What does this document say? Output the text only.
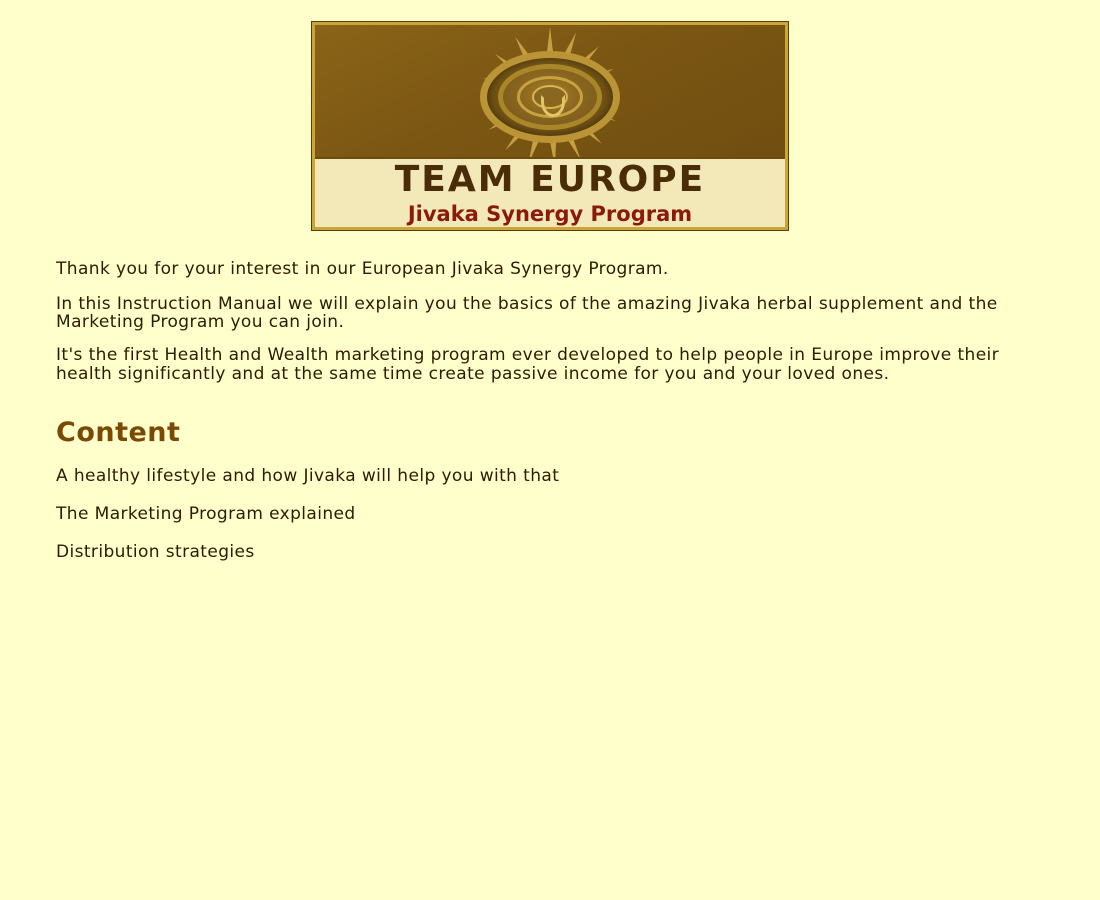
TEAM EUROPE
Jivaka Synergy Program

Thank you for your interest in our European Jivaka Synergy Program.

In this Instruction Manual we will explain you the basics of the amazing Jivaka herbal supplement and the Marketing Program you can join.

It's the first Health and Wealth marketing program ever developed to help people in Europe improve their health significantly and at the same time create passive income for you and your loved ones.

Content

A healthy lifestyle and how Jivaka will help you with that

The Marketing Program explained

Distribution strategies
